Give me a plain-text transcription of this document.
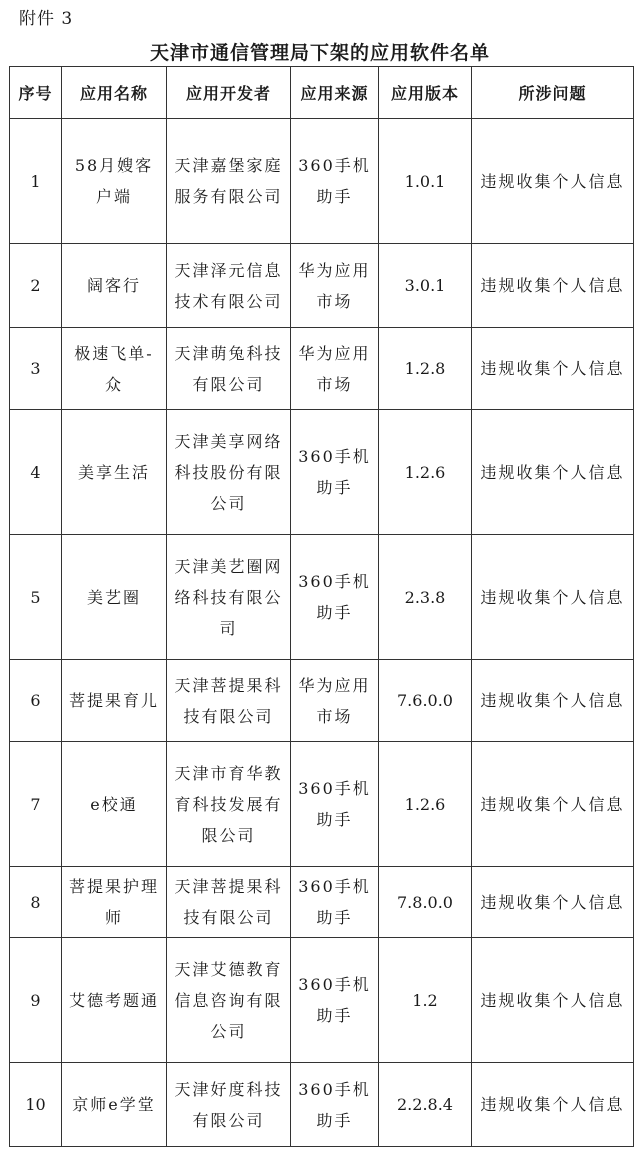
附件 3
天津市通信管理局下架的应用软件名单
序号	应用名称	应用开发者	应用来源	应用版本	所涉问题
1	58月嫂客户端	天津嘉堡家庭服务有限公司	360手机助手	1.0.1	违规收集个人信息
2	阔客行	天津泽元信息技术有限公司	华为应用市场	3.0.1	违规收集个人信息
3	极速飞单-众	天津萌兔科技有限公司	华为应用市场	1.2.8	违规收集个人信息
4	美享生活	天津美享网络科技股份有限公司	360手机助手	1.2.6	违规收集个人信息
5	美艺圈	天津美艺圈网络科技有限公司	360手机助手	2.3.8	违规收集个人信息
6	菩提果育儿	天津菩提果科技有限公司	华为应用市场	7.6.0.0	违规收集个人信息
7	e校通	天津市育华教育科技发展有限公司	360手机助手	1.2.6	违规收集个人信息
8	菩提果护理师	天津菩提果科技有限公司	360手机助手	7.8.0.0	违规收集个人信息
9	艾德考题通	天津艾德教育信息咨询有限公司	360手机助手	1.2	违规收集个人信息
10	京师e学堂	天津好度科技有限公司	360手机助手	2.2.8.4	违规收集个人信息
